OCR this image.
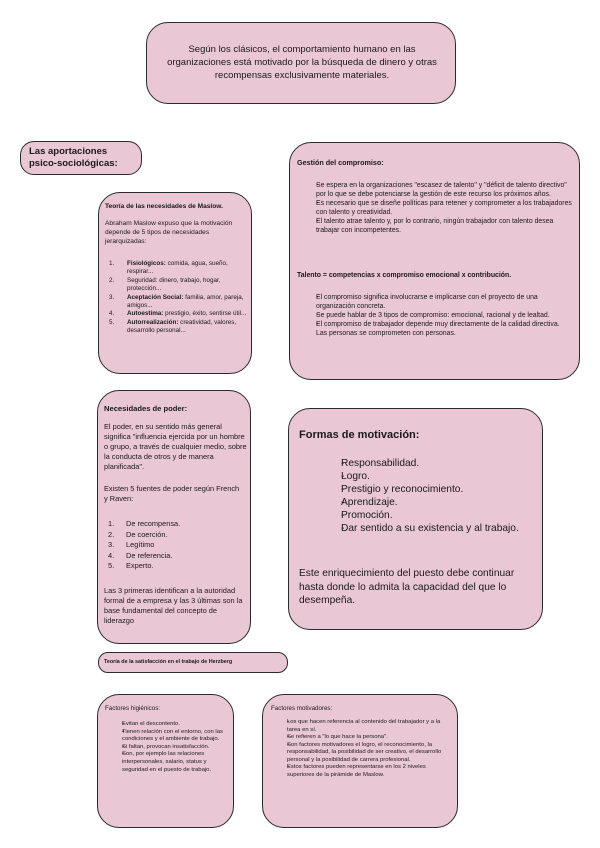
Según los clásicos, el comportamiento humano en las organizaciones está motivado por la búsqueda de dinero y otras recompensas exclusivamente materiales.

Las aportaciones

psico-sociológicas:

Teoría de las necesidades de Maslow.

Abraham Maslow expuso que la motivación depende de 5 tipos de necesidades jerarquizadas:

1. Fisiológicos: comida, agua, sueño, respirar...
2. Seguridad: dinero, trabajo, hogar, protección...
3. Aceptación Social: familia, amor, pareja, amigos...
4. Autoestima: prestigio, éxito, sentirse útil...
5. Autorrealización: creatividad, valores, desarrollo personal...

Gestión del compromiso:

- Se espera en la organizaciones "escasez de talento" y "déficit de talento directivo" por lo que se debe potenciarse la gestión de este recurso los próximos años.
- Es necesario que se diseñe políticas para retener y comprometer a los trabajadores con talento y creatividad.
- El talento atrae talento y, por lo contrario, ningún trabajador con talento desea trabajar con incompetentes.

Talento = competencias x compromiso emocional x contribución.

- El compromiso significa involucrarse e implicarse con el proyecto de una organización concreta.
- Se puede hablar de 3 tipos de compromiso: emocional, racional y de lealtad.
- El compromiso de trabajador depende muy directamente de la calidad directiva. Las personas se comprometen con personas.

Necesidades de poder:

El poder, en su sentido más general significa "influencia ejercida por un hombre o grupo, a través de cualquier medio, sobre la conducta de otros y de manera planificada".

Existen 5 fuentes de poder según French y Raven:

1. De recompensa.
2. De coerción.
3. Legítimo
4. De referencia.
5. Experto.

Las 3 primeras identifican a la autoridad formal de a empresa y las 3 últimas son la base fundamental del concepto de liderazgo

Formas de motivación:

- Responsabilidad.
- Logro.
- Prestigio y reconocimiento.
- Aprendizaje.
- Promoción.
- Dar sentido a su existencia y al trabajo.

Este enriquecimiento del puesto debe continuar hasta donde lo admita la capacidad del que lo desempeña.

Teoría de la satisfacción en el trabajo de Herzberg

Factores higiénicos:

• Evitan el descontento.
• Tienen relación con el entorno, con las condiciones y el ambiente de trabajo.
• Si faltan, provocan insatisfacción.
• Son, por ejemplo las relaciones interpersonales, salario, status y seguridad en el puesto de trabajo.

Factores motivadores:

• Los que hacen referencia al contenido del trabajador y a la tarea en sí.
• Se refieren a "lo que hace la persona".
• Son factores motivadores el logro, el reconocimiento, la responsabilidad, la posibilidad de ser creativo, el desarrollo personal y la posibilidad de carrera profesional.
• Estos factores pueden representarse en los 2 niveles superiores de la pirámide de Maslow.
